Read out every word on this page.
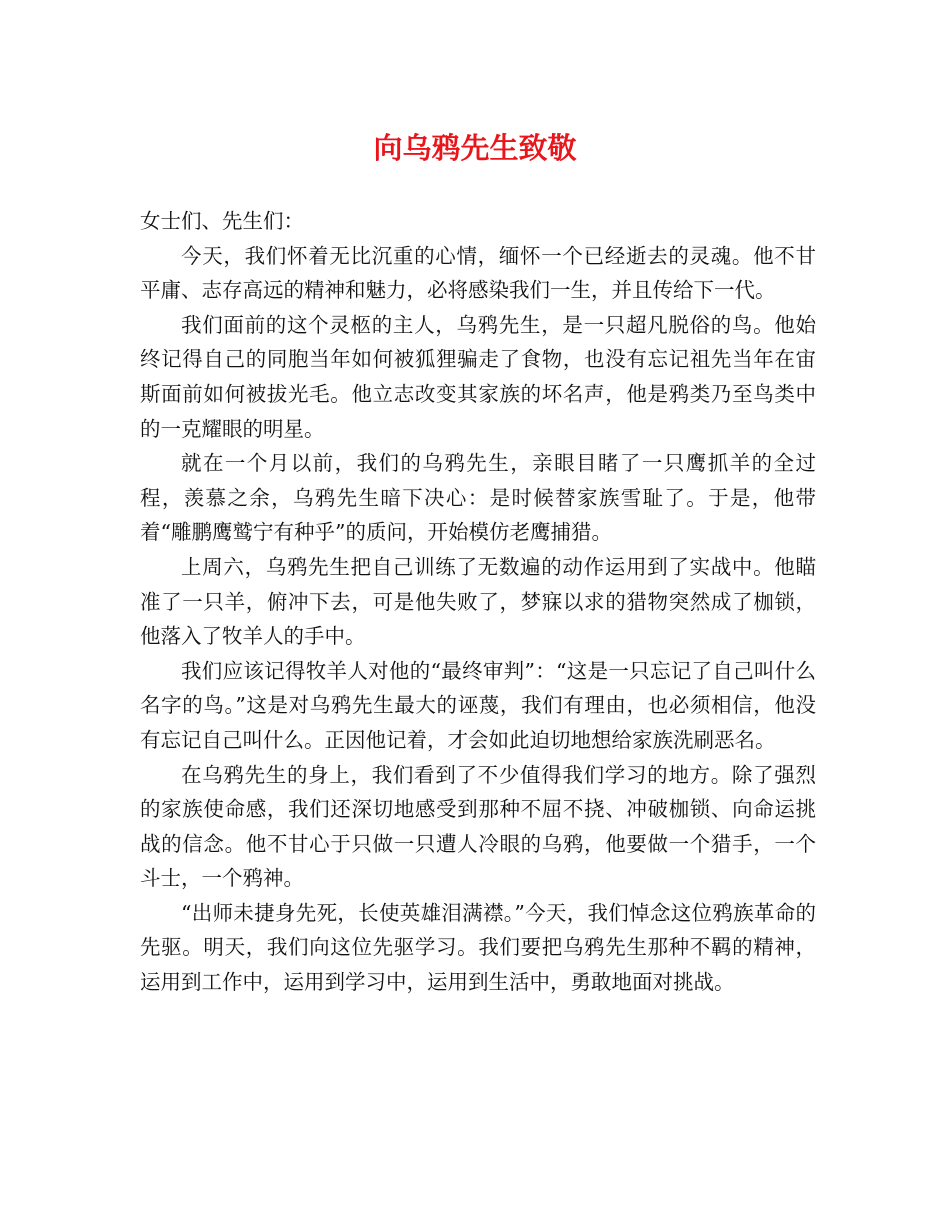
向乌鸦先生致敬

女士们、先生们：

今天，我们怀着无比沉重的心情，缅怀一个已经逝去的灵魂。他不甘平庸、志存高远的精神和魅力，必将感染我们一生，并且传给下一代。

我们面前的这个灵柩的主人，乌鸦先生，是一只超凡脱俗的鸟。他始终记得自己的同胞当年如何被狐狸骗走了食物，也没有忘记祖先当年在宙斯面前如何被拔光毛。他立志改变其家族的坏名声，他是鸦类乃至鸟类中的一克耀眼的明星。

就在一个月以前，我们的乌鸦先生，亲眼目睹了一只鹰抓羊的全过程，羡慕之余，乌鸦先生暗下决心：是时候替家族雪耻了。于是，他带着“雕鹏鹰鹫宁有种乎”的质问，开始模仿老鹰捕猎。

上周六，乌鸦先生把自己训练了无数遍的动作运用到了实战中。他瞄准了一只羊，俯冲下去，可是他失败了，梦寐以求的猎物突然成了枷锁，他落入了牧羊人的手中。

我们应该记得牧羊人对他的“最终审判”：“这是一只忘记了自己叫什么名字的鸟。”这是对乌鸦先生最大的诬蔑，我们有理由，也必须相信，他没有忘记自己叫什么。正因他记着，才会如此迫切地想给家族洗刷恶名。

在乌鸦先生的身上，我们看到了不少值得我们学习的地方。除了强烈的家族使命感，我们还深切地感受到那种不屈不挠、冲破枷锁、向命运挑战的信念。他不甘心于只做一只遭人冷眼的乌鸦，他要做一个猎手，一个斗士，一个鸦神。

“出师未捷身先死，长使英雄泪满襟。”今天，我们悼念这位鸦族革命的先驱。明天，我们向这位先驱学习。我们要把乌鸦先生那种不羁的精神，运用到工作中，运用到学习中，运用到生活中，勇敢地面对挑战。
